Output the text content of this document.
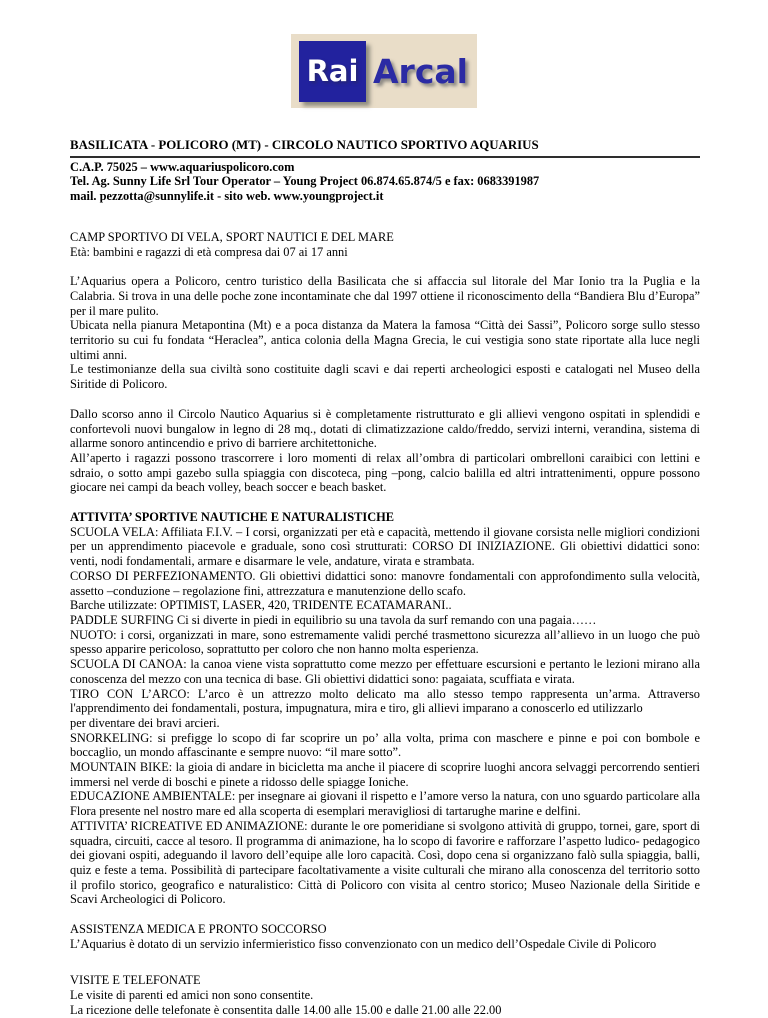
Rai Arcal
BASILICATA - POLICORO (MT) - CIRCOLO NAUTICO SPORTIVO AQUARIUS

C.A.P. 75025 – www.aquariuspolicoro.com

Tel. Ag. Sunny Life Srl Tour Operator – Young Project 06.874.65.874/5 e fax: 0683391987

mail. pezzotta@sunnylife.it - sito web. www.youngproject.it

CAMP SPORTIVO DI VELA, SPORT NAUTICI E DEL MARE

Età: bambini e ragazzi di età compresa dai 07 ai 17 anni

L’Aquarius opera a Policoro, centro turistico della Basilicata che si affaccia sul litorale del Mar Ionio tra la Puglia e la Calabria. Si trova in una delle poche zone incontaminate che dal 1997 ottiene il riconoscimento della “Bandiera Blu d’Europa” per il mare pulito.

Ubicata nella pianura Metapontina (Mt) e a poca distanza da Matera la famosa “Città dei Sassi”, Policoro sorge sullo stesso territorio su cui fu fondata “Heraclea”, antica colonia della Magna Grecia, le cui vestigia sono state riportate alla luce negli ultimi anni.

Le testimonianze della sua civiltà sono costituite dagli scavi e dai reperti archeologici esposti e catalogati nel Museo della Siritide di Policoro.

Dallo scorso anno il Circolo Nautico Aquarius si è completamente ristrutturato e gli allievi vengono ospitati in splendidi e confortevoli nuovi bungalow in legno di 28 mq., dotati di climatizzazione caldo/freddo, servizi interni, verandina, sistema di allarme sonoro antincendio e privo di barriere architettoniche.

All’aperto i ragazzi possono trascorrere i loro momenti di relax all’ombra di particolari ombrelloni caraibici con lettini e sdraio, o sotto ampi gazebo sulla spiaggia con discoteca, ping –pong, calcio balilla ed altri intrattenimenti, oppure possono giocare nei campi da beach volley, beach soccer e beach basket.

ATTIVITA’ SPORTIVE NAUTICHE E NATURALISTICHE

SCUOLA VELA: Affiliata F.I.V. – I corsi, organizzati per età e capacità, mettendo il giovane corsista nelle migliori condizioni per un apprendimento piacevole e graduale, sono così strutturati: CORSO DI INIZIAZIONE. Gli obiettivi didattici sono: venti, nodi fondamentali, armare e disarmare le vele, andature, virata e strambata.

CORSO DI PERFEZIONAMENTO. Gli obiettivi didattici sono: manovre fondamentali con approfondimento sulla velocità, assetto –conduzione – regolazione fini, attrezzatura e manutenzione dello scafo.

Barche utilizzate: OPTIMIST, LASER, 420, TRIDENTE ECATAMARANI..

PADDLE SURFING Ci si diverte in piedi in equilibrio su una tavola da surf remando con una pagaia……

NUOTO: i corsi, organizzati in mare, sono estremamente validi perché trasmettono sicurezza all’allievo in un luogo che può spesso apparire pericoloso, soprattutto per coloro che non hanno molta esperienza.

SCUOLA DI CANOA: la canoa viene vista soprattutto come mezzo per effettuare escursioni e pertanto le lezioni mirano alla conoscenza del mezzo con una tecnica di base. Gli obiettivi didattici sono: pagaiata, scuffiata e virata.

TIRO CON L’ARCO: L’arco è un attrezzo molto delicato ma allo stesso tempo rappresenta un’arma. Attraverso l'apprendimento dei fondamentali, postura, impugnatura, mira e tiro, gli allievi imparano a conoscerlo ed utilizzarlo

per diventare dei bravi arcieri.

SNORKELING: si prefigge lo scopo di far scoprire un po’ alla volta, prima con maschere e pinne e poi con bombole e boccaglio, un mondo affascinante e sempre nuovo: “il mare sotto”.

MOUNTAIN BIKE: la gioia di andare in bicicletta ma anche il piacere di scoprire luoghi ancora selvaggi percorrendo sentieri immersi nel verde di boschi e pinete a ridosso delle spiagge Ioniche.

EDUCAZIONE AMBIENTALE: per insegnare ai giovani il rispetto e l’amore verso la natura, con uno sguardo particolare alla Flora presente nel nostro mare ed alla scoperta di esemplari meravigliosi di tartarughe marine e delfini.

ATTIVITA’ RICREATIVE ED ANIMAZIONE: durante le ore pomeridiane si svolgono attività di gruppo, tornei, gare, sport di squadra, circuiti, cacce al tesoro. Il programma di animazione, ha lo scopo di favorire e rafforzare l’aspetto ludico- pedagogico dei giovani ospiti, adeguando il lavoro dell’equipe alle loro capacità. Così, dopo cena si organizzano falò sulla spiaggia, balli, quiz e feste a tema. Possibilità di partecipare facoltativamente a visite culturali che mirano alla conoscenza del territorio sotto il profilo storico, geografico e naturalistico: Città di Policoro con visita al centro storico; Museo Nazionale della Siritide e Scavi Archeologici di Policoro.

ASSISTENZA MEDICA E PRONTO SOCCORSO

L’Aquarius è dotato di un servizio infermieristico fisso convenzionato con un medico dell’Ospedale Civile di Policoro

VISITE E TELEFONATE

Le visite di parenti ed amici non sono consentite.

La ricezione delle telefonate è consentita dalle 14.00 alle 15.00 e dalle 21.00 alle 22.00
